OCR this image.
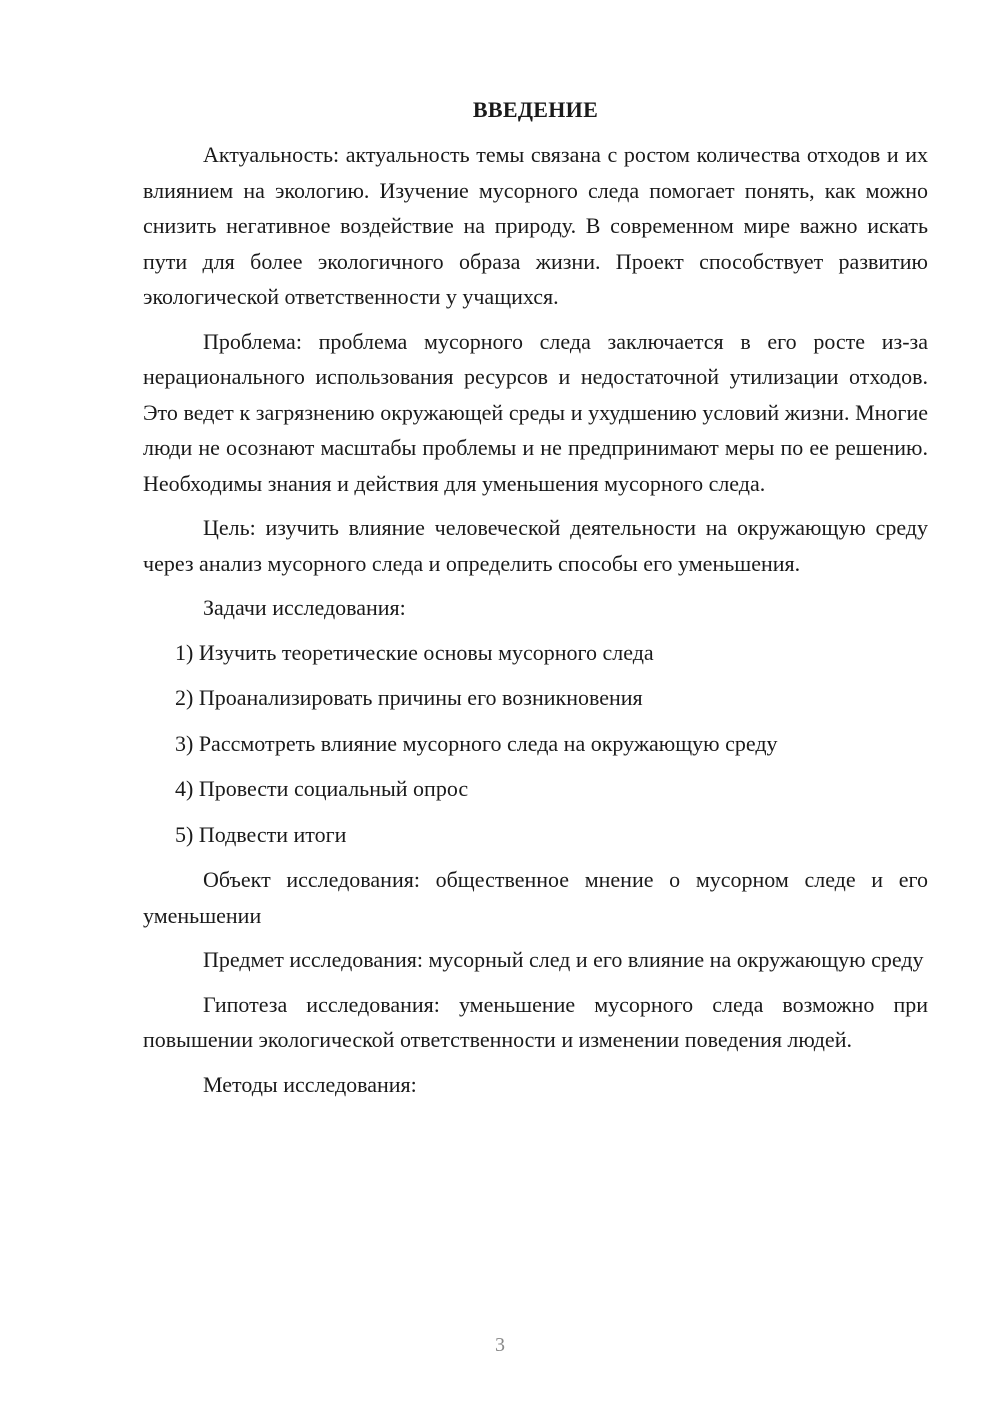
ВВЕДЕНИЕ

Актуальность: актуальность темы связана с ростом количества отходов и их влиянием на экологию. Изучение мусорного следа помогает понять, как можно снизить негативное воздействие на природу. В современном мире важно искать пути для более экологичного образа жизни. Проект способствует развитию экологической ответственности у учащихся.

Проблема: проблема мусорного следа заключается в его росте из-за нерационального использования ресурсов и недостаточной утилизации отходов. Это ведет к загрязнению окружающей среды и ухудшению условий жизни. Многие люди не осознают масштабы проблемы и не предпринимают меры по ее решению. Необходимы знания и действия для уменьшения мусорного следа.

Цель: изучить влияние человеческой деятельности на окружающую среду через анализ мусорного следа и определить способы его уменьшения.

Задачи исследования:

1) Изучить теоретические основы мусорного следа
2) Проанализировать причины его возникновения
3) Рассмотреть влияние мусорного следа на окружающую среду
4) Провести социальный опрос
5) Подвести итоги

Объект исследования: общественное мнение о мусорном следе и его уменьшении

Предмет исследования: мусорный след и его влияние на окружающую среду

Гипотеза исследования: уменьшение мусорного следа возможно при повышении экологической ответственности и изменении поведения людей.

Методы исследования:

3
